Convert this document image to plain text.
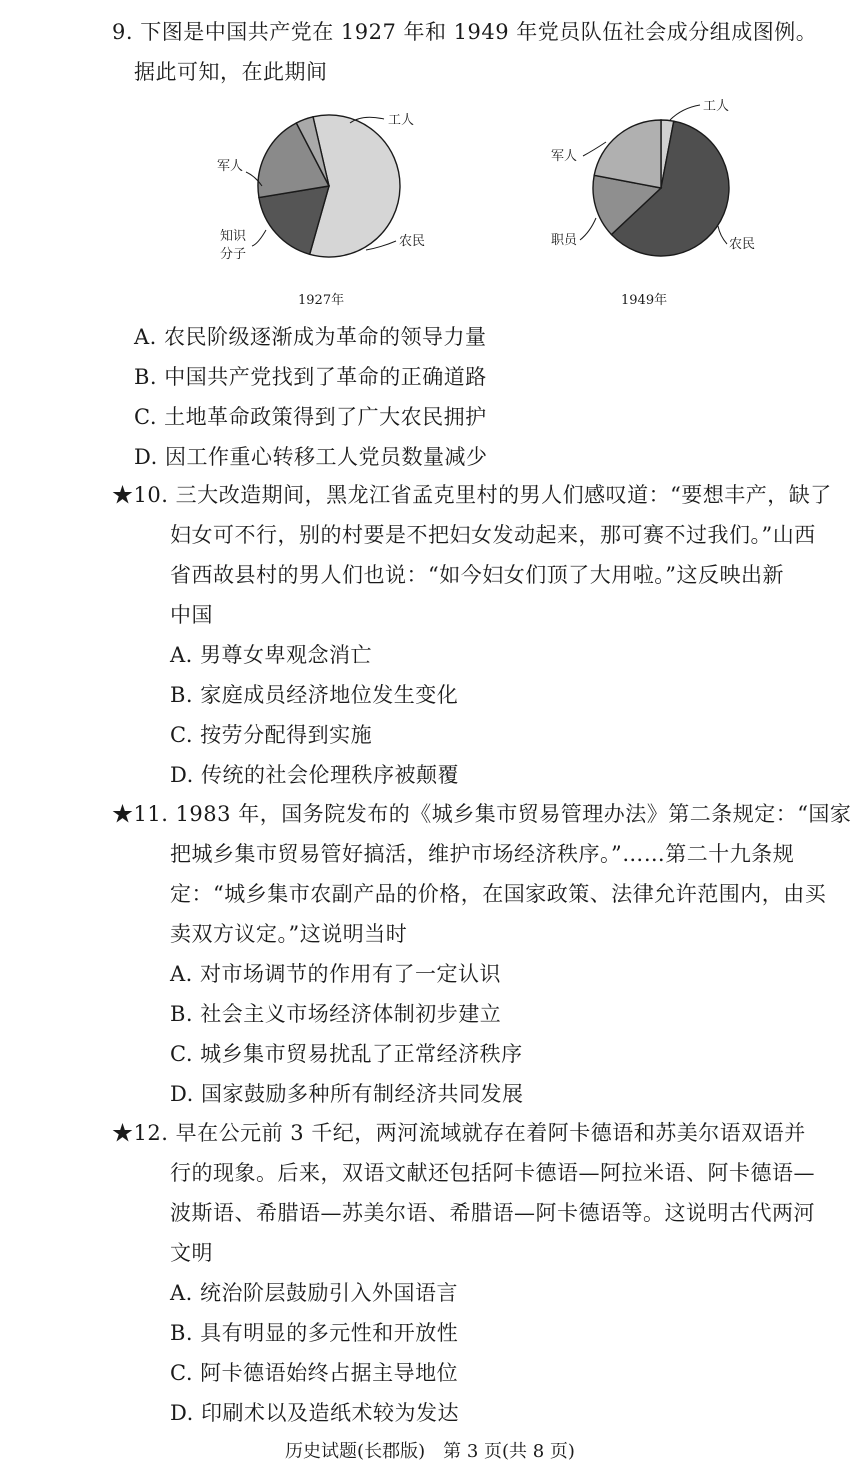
9. 下图是中国共产党在 1927 年和 1949 年党员队伍社会成分组成图例。
据此可知，在此期间
工人
农民
军人
知识 分子
1927年
工人
农民
职员
军人
1949年
A. 农民阶级逐渐成为革命的领导力量
B. 中国共产党找到了革命的正确道路
C. 土地革命政策得到了广大农民拥护
D. 因工作重心转移工人党员数量减少
★10. 三大改造期间，黑龙江省孟克里村的男人们感叹道：“要想丰产，缺了
妇女可不行，别的村要是不把妇女发动起来，那可赛不过我们。”山西
省西故县村的男人们也说：“如今妇女们顶了大用啦。”这反映出新
中国
A. 男尊女卑观念消亡
B. 家庭成员经济地位发生变化
C. 按劳分配得到实施
D. 传统的社会伦理秩序被颠覆
★11. 1983 年，国务院发布的《城乡集市贸易管理办法》第二条规定：“国家
把城乡集市贸易管好搞活，维护市场经济秩序。”……第二十九条规
定：“城乡集市农副产品的价格，在国家政策、法律允许范围内，由买
卖双方议定。”这说明当时
A. 对市场调节的作用有了一定认识
B. 社会主义市场经济体制初步建立
C. 城乡集市贸易扰乱了正常经济秩序
D. 国家鼓励多种所有制经济共同发展
★12. 早在公元前 3 千纪，两河流域就存在着阿卡德语和苏美尔语双语并
行的现象。后来，双语文献还包括阿卡德语—阿拉米语、阿卡德语—
波斯语、希腊语—苏美尔语、希腊语—阿卡德语等。这说明古代两河
文明
A. 统治阶层鼓励引入外国语言
B. 具有明显的多元性和开放性
C. 阿卡德语始终占据主导地位
D. 印刷术以及造纸术较为发达
历史试题(长郡版)　第 3 页(共 8 页)
